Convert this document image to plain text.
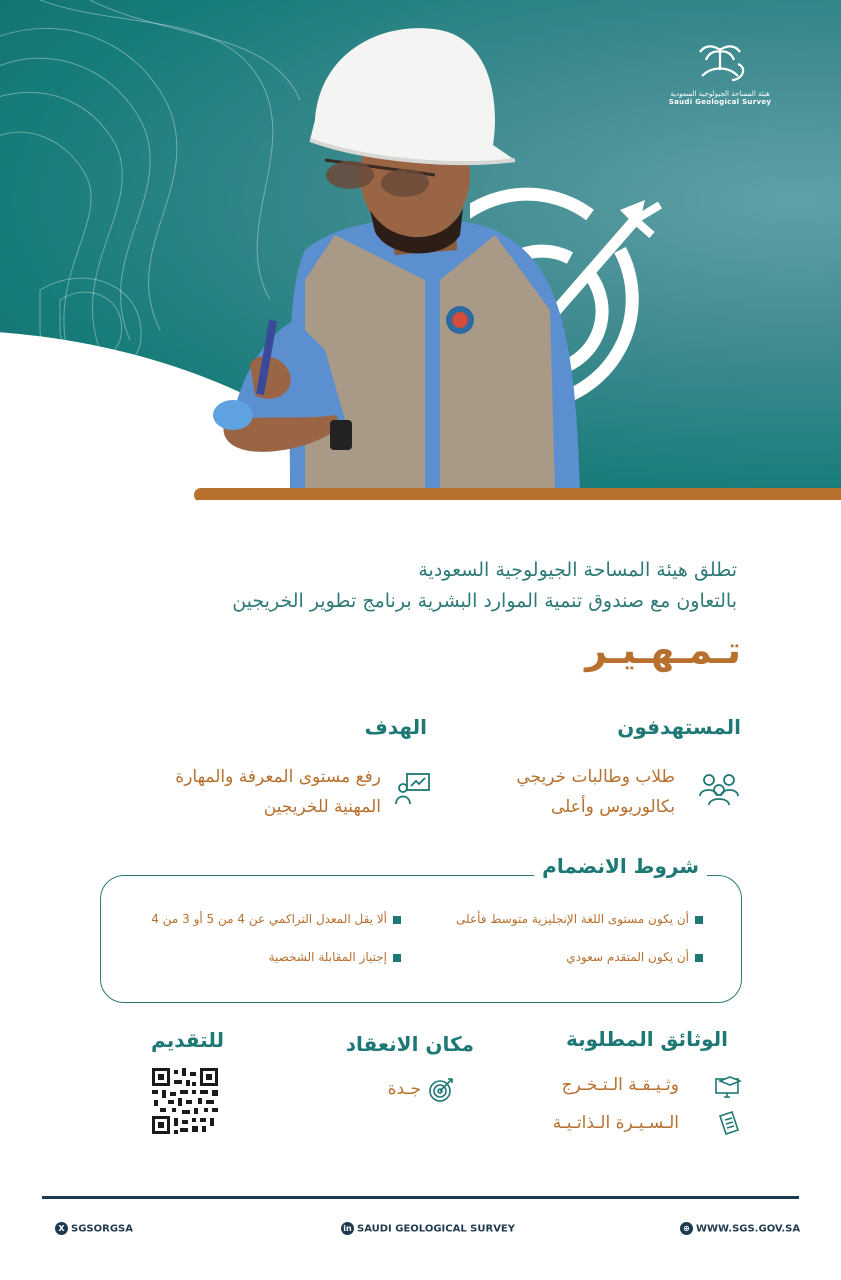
هيئة المساحة الجيولوجية السعودية
Saudi Geological Survey
تطلق هيئة المساحة الجيولوجية السعودية
بالتعاون مع صندوق تنمية الموارد البشرية برنامج تطوير الخريجين
تـمـهـيـر
المستهدفون
الهدف
طلاب وطالبات خريجي
بكالوريوس وأعلى
رفع مستوى المعرفة والمهارة
المهنية للخريجين
شروط الانضمام
أن يكون مستوى اللغة الإنجليزية متوسط فأعلى
ألا يقل المعدل التراكمي عن 4 من 5 أو 3 من 4
أن يكون المتقدم سعودي
إجتياز المقابلة الشخصية
الوثائق المطلوبة
مكان الانعقاد
للتقديم
وثـيـقـة الـتـخـرج
الـسـيـرة الـذاتـيـة
جـدة
X SGSORGSA	in SAUDI GEOLOGICAL SURVEY	⊕ WWW.SGS.GOV.SA
